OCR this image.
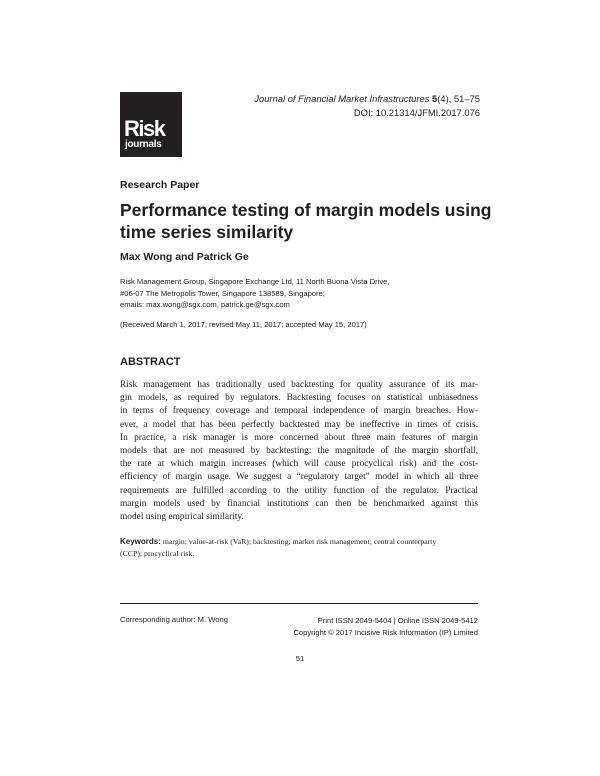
Risk
journals
Journal of Financial Market Infrastructures 5(4), 51–75
DOI: 10.21314/JFMI.2017.076
Research Paper
Performance testing of margin models using time series similarity
Max Wong and Patrick Ge
Risk Management Group, Singapore Exchange Ltd, 11 North Buona Vista Drive,
#06-07 The Metropolis Tower, Singapore 138589, Singapore;
emails: max.wong@sgx.com, patrick.ge@sgx.com
(Received March 1, 2017; revised May 11, 2017; accepted May 15, 2017)
ABSTRACT
Risk management has traditionally used backtesting for quality assurance of its mar-
gin models, as required by regulators. Backtesting focuses on statistical unbiasedness
in terms of frequency coverage and temporal independence of margin breaches. How-
ever, a model that has been perfectly backtested may be ineffective in times of crisis.
In practice, a risk manager is more concerned about three main features of margin
models that are not measured by backtesting: the magnitude of the margin shortfall,
the rate at which margin increases (which will cause procyclical risk) and the cost-
efficiency of margin usage. We suggest a “regulatory target” model in which all three
requirements are fulfilled according to the utility function of the regulator. Practical
margin models used by financial institutions can then be benchmarked against this
model using empirical similarity.
Keywords: margin; value-at-risk (VaR); backtesting; market risk management; central counterparty
(CCP); procyclical risk.
Corresponding author: M. Wong	Print ISSN 2049-5404 | Online ISSN 2049-5412
Copyright © 2017 Incisive Risk Information (IP) Limited
51
